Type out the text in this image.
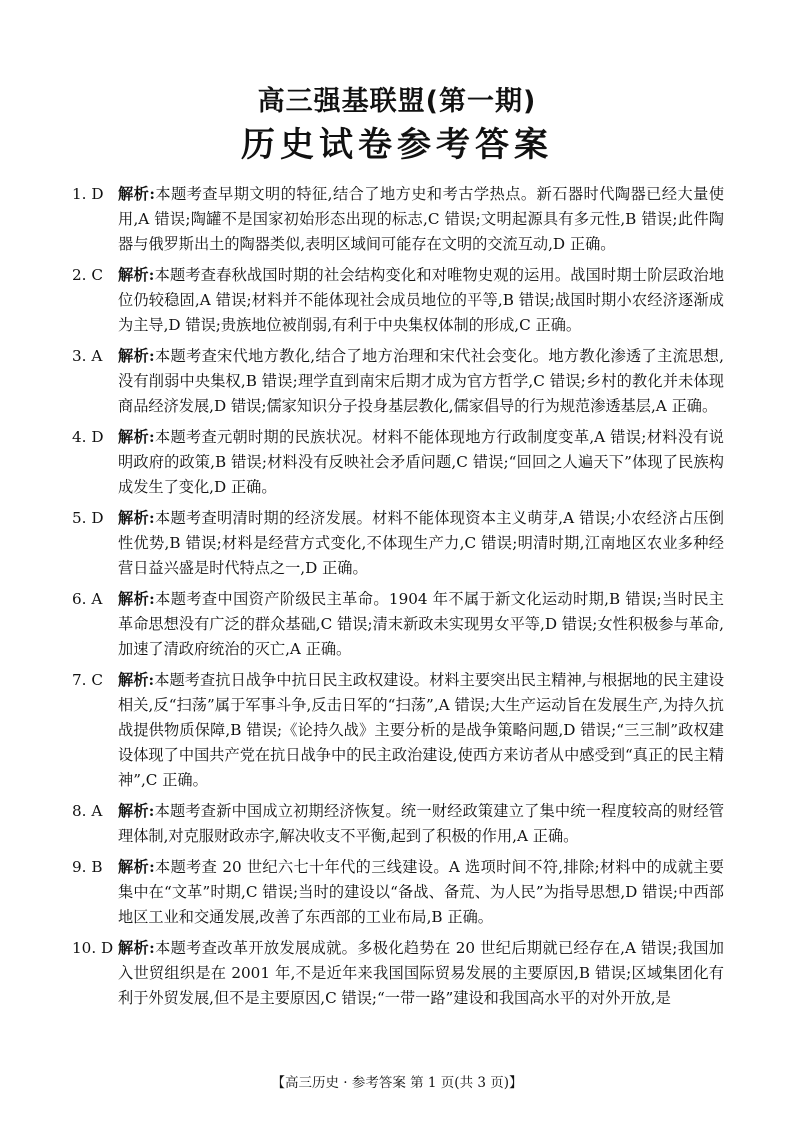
高三强基联盟(第一期)
历史试卷参考答案
1. D 解析:本题考查早期文明的特征,结合了地方史和考古学热点。新石器时代陶器已经大量使用,A 错误;陶罐不是国家初始形态出现的标志,C 错误;文明起源具有多元性,B 错误;此件陶器与俄罗斯出土的陶器类似,表明区域间可能存在文明的交流互动,D 正确。
2. C 解析:本题考查春秋战国时期的社会结构变化和对唯物史观的运用。战国时期士阶层政治地位仍较稳固,A 错误;材料并不能体现社会成员地位的平等,B 错误;战国时期小农经济逐渐成为主导,D 错误;贵族地位被削弱,有利于中央集权体制的形成,C 正确。
3. A 解析:本题考查宋代地方教化,结合了地方治理和宋代社会变化。地方教化渗透了主流思想,没有削弱中央集权,B 错误;理学直到南宋后期才成为官方哲学,C 错误;乡村的教化并未体现商品经济发展,D 错误;儒家知识分子投身基层教化,儒家倡导的行为规范渗透基层,A 正确。
4. D 解析:本题考查元朝时期的民族状况。材料不能体现地方行政制度变革,A 错误;材料没有说明政府的政策,B 错误;材料没有反映社会矛盾问题,C 错误;“回回之人遍天下”体现了民族构成发生了变化,D 正确。
5. D 解析:本题考查明清时期的经济发展。材料不能体现资本主义萌芽,A 错误;小农经济占压倒性优势,B 错误;材料是经营方式变化,不体现生产力,C 错误;明清时期,江南地区农业多种经营日益兴盛是时代特点之一,D 正确。
6. A 解析:本题考查中国资产阶级民主革命。1904 年不属于新文化运动时期,B 错误;当时民主革命思想没有广泛的群众基础,C 错误;清末新政未实现男女平等,D 错误;女性积极参与革命,加速了清政府统治的灭亡,A 正确。
7. C 解析:本题考查抗日战争中抗日民主政权建设。材料主要突出民主精神,与根据地的民主建设相关,反“扫荡”属于军事斗争,反击日军的“扫荡”,A 错误;大生产运动旨在发展生产,为持久抗战提供物质保障,B 错误;《论持久战》主要分析的是战争策略问题,D 错误;“三三制”政权建设体现了中国共产党在抗日战争中的民主政治建设,使西方来访者从中感受到“真正的民主精神”,C 正确。
8. A 解析:本题考查新中国成立初期经济恢复。统一财经政策建立了集中统一程度较高的财经管理体制,对克服财政赤字,解决收支不平衡,起到了积极的作用,A 正确。
9. B 解析:本题考查 20 世纪六七十年代的三线建设。A 选项时间不符,排除;材料中的成就主要集中在“文革”时期,C 错误;当时的建设以“备战、备荒、为人民”为指导思想,D 错误;中西部地区工业和交通发展,改善了东西部的工业布局,B 正确。
10. D 解析:本题考查改革开放发展成就。多极化趋势在 20 世纪后期就已经存在,A 错误;我国加入世贸组织是在 2001 年,不是近年来我国国际贸易发展的主要原因,B 错误;区域集团化有利于外贸发展,但不是主要原因,C 错误;“一带一路”建设和我国高水平的对外开放,是
【高三历史 · 参考答案 第 1 页(共 3 页)】
